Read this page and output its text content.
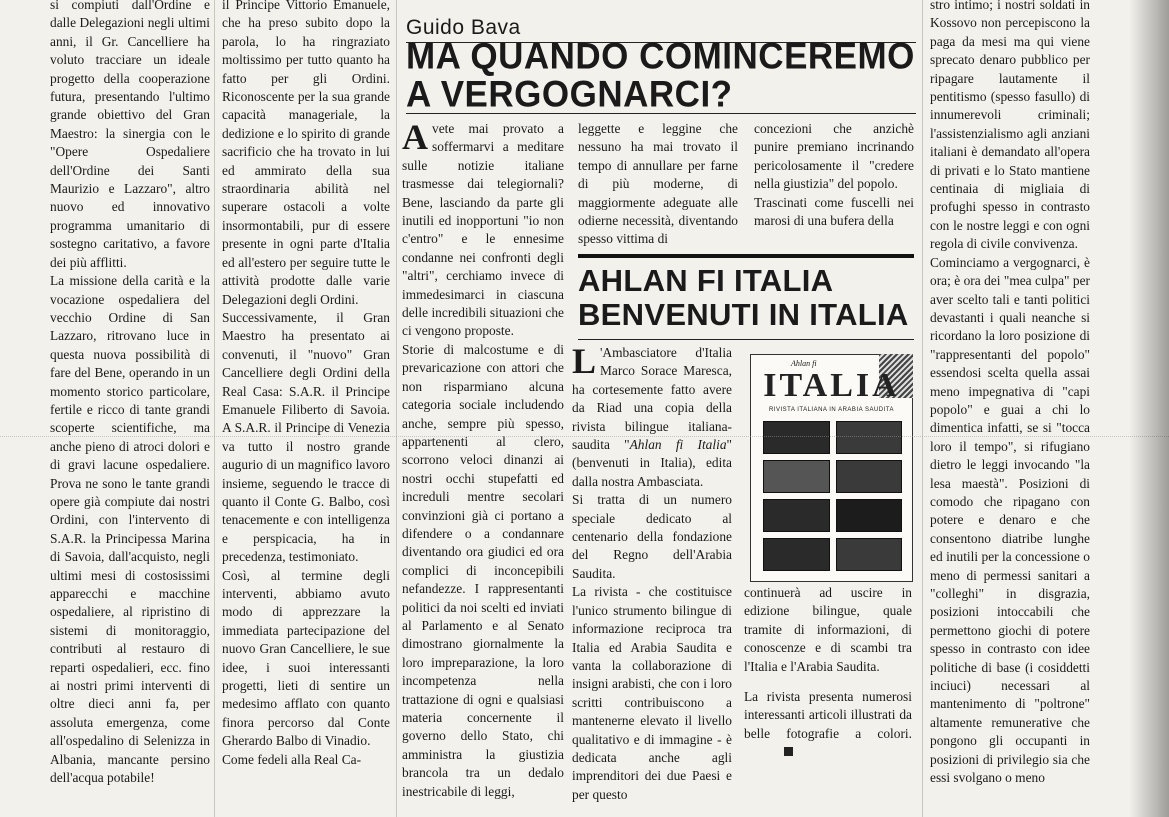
si compiuti dall'Ordine e dalle Delegazioni negli ultimi anni, il Gr. Cancelliere ha voluto tracciare un ideale progetto della cooperazione futura, presentando l'ultimo grande obiettivo del Gran Maestro: la sinergia con le "Opere Ospedaliere dell'Ordine dei Santi Maurizio e Lazzaro", altro nuovo ed innovativo programma umanitario di sostegno caritativo, a favore dei più afflitti.

La missione della carità e la vocazione ospedaliera del vecchio Ordine di San Lazzaro, ritrovano luce in questa nuova possibilità di fare del Bene, operando in un momento storico particolare, fertile e ricco di tante grandi scoperte scientifiche, ma anche pieno di atroci dolori e di gravi lacune ospedaliere. Prova ne sono le tante grandi opere già compiute dai nostri Ordini, con l'intervento di S.A.R. la Principessa Marina di Savoia, dall'acquisto, negli ultimi mesi di costosissimi apparecchi e macchine ospedaliere, al ripristino di sistemi di monitoraggio, contributi al restauro di reparti ospedalieri, ecc. fino ai nostri primi interventi di oltre dieci anni fa, per assoluta emergenza, come all'ospedalino di Selenizza in Albania, mancante persino dell'acqua potabile!

il Principe Vittorio Emanuele, che ha preso subito dopo la parola, lo ha ringraziato moltissimo per tutto quanto ha fatto per gli Ordini. Riconoscente per la sua grande capacità manageriale, la dedizione e lo spirito di grande sacrificio che ha trovato in lui ed ammirato della sua straordinaria abilità nel superare ostacoli a volte insormontabili, pur di essere presente in ogni parte d'Italia ed all'estero per seguire tutte le attività prodotte dalle varie Delegazioni degli Ordini.

Successivamente, il Gran Maestro ha presentato ai convenuti, il "nuovo" Gran Cancelliere degli Ordini della Real Casa: S.A.R. il Principe Emanuele Filiberto di Savoia. A S.A.R. il Principe di Venezia va tutto il nostro grande augurio di un magnifico lavoro insieme, seguendo le tracce di quanto il Conte G. Balbo, così tenacemente e con intelligenza e perspicacia, ha in precedenza, testimoniato.

Così, al termine degli interventi, abbiamo avuto modo di apprezzare la immediata partecipazione del nuovo Gran Cancelliere, le sue idee, i suoi interessanti progetti, lieti di sentire un medesimo afflato con quanto finora percorso dal Conte Gherardo Balbo di Vinadio.

Come fedeli alla Real Ca-

Guido Bava
MA QUANDO COMINCEREMO A VERGOGNARCI?

Avete mai provato a soffermarvi a meditare sulle notizie italiane trasmesse dai telegiornali? Bene, lasciando da parte gli inutili ed inopportuni "io non c'entro" e le ennesime condanne nei confronti degli "altri", cerchiamo invece di immedesimarci in ciascuna delle incredibili situazioni che ci vengono proposte.

Storie di malcostume e di prevaricazione con attori che non risparmiano alcuna categoria sociale includendo anche, sempre più spesso, appartenenti al clero, scorrono veloci dinanzi ai nostri occhi stupefatti ed increduli mentre secolari convinzioni già ci portano a difendere o a condannare diventando ora giudici ed ora complici di inconcepibili nefandezze. I rappresentanti politici da noi scelti ed inviati al Parlamento e al Senato dimostrano giornalmente la loro impreparazione, la loro incompetenza nella trattazione di ogni e qualsiasi materia concernente il governo dello Stato, chi amministra la giustizia brancola tra un dedalo inestricabile di leggi,

leggette e leggine che nessuno ha mai trovato il tempo di annullare per farne di più moderne, di maggiormente adeguate alle odierne necessità, diventando spesso vittima di

concezioni che anzichè punire premiano incrinando pericolosamente il "credere nella giustizia" del popolo.

Trascinati come fuscelli nei marosi di una bufera della

AHLAN FI ITALIA BENVENUTI IN ITALIA

L 'Ambasciatore d'Italia Marco Sorace Maresca, ha cortesemente fatto avere da Riad una copia della rivista bilingue italiana-saudita "Ahlan fi Italia" (benvenuti in Italia), edita dalla nostra Ambasciata.

Si tratta di un numero speciale dedicato al centenario della fondazione del Regno dell'Arabia Saudita.

La rivista - che costituisce l'unico strumento bilingue di informazione reciproca tra Italia ed Arabia Saudita e vanta la collaborazione di insigni arabisti, che con i loro scritti contribuiscono a mantenerne elevato il livello qualitativo e di immagine - è dedicata anche agli imprenditori dei due Paesi e per questo

Ahlan fi
ITALIA
RIVISTA ITALIANA IN ARABIA SAUDITA

continuerà ad uscire in edizione bilingue, quale tramite di informazioni, di conoscenze e di scambi tra l'Italia e l'Arabia Saudita.

La rivista presenta numerosi interessanti articoli illustrati da belle fotografie a colori.

stro intimo; i nostri soldati in Kossovo non percepiscono la paga da mesi ma qui viene sprecato denaro pubblico per ripagare lautamente il pentitismo (spesso fasullo) di innumerevoli criminali; l'assistenzialismo agli anziani italiani è demandato all'opera di privati e lo Stato mantiene centinaia di migliaia di profughi spesso in contrasto con le nostre leggi e con ogni regola di civile convivenza.

Cominciamo a vergognarci, è ora; è ora dei "mea culpa" per aver scelto tali e tanti politici devastanti i quali neanche si ricordano la loro posizione di "rappresentanti del popolo" essendosi scelta quella assai meno impegnativa di "capi popolo" e guai a chi lo dimentica infatti, se si "tocca loro il tempo", si rifugiano dietro le leggi invocando "la lesa maestà". Posizioni di comodo che ripagano con potere e denaro e che consentono diatribe lunghe ed inutili per la concessione o meno di permessi sanitari a "colleghi" in disgrazia, posizioni intoccabili che permettono giochi di potere spesso in contrasto con idee politiche di base (i cosiddetti inciuci) necessari al mantenimento di "poltrone" altamente remunerative che pongono gli occupanti in posizioni di privilegio sia che essi svolgano o meno
